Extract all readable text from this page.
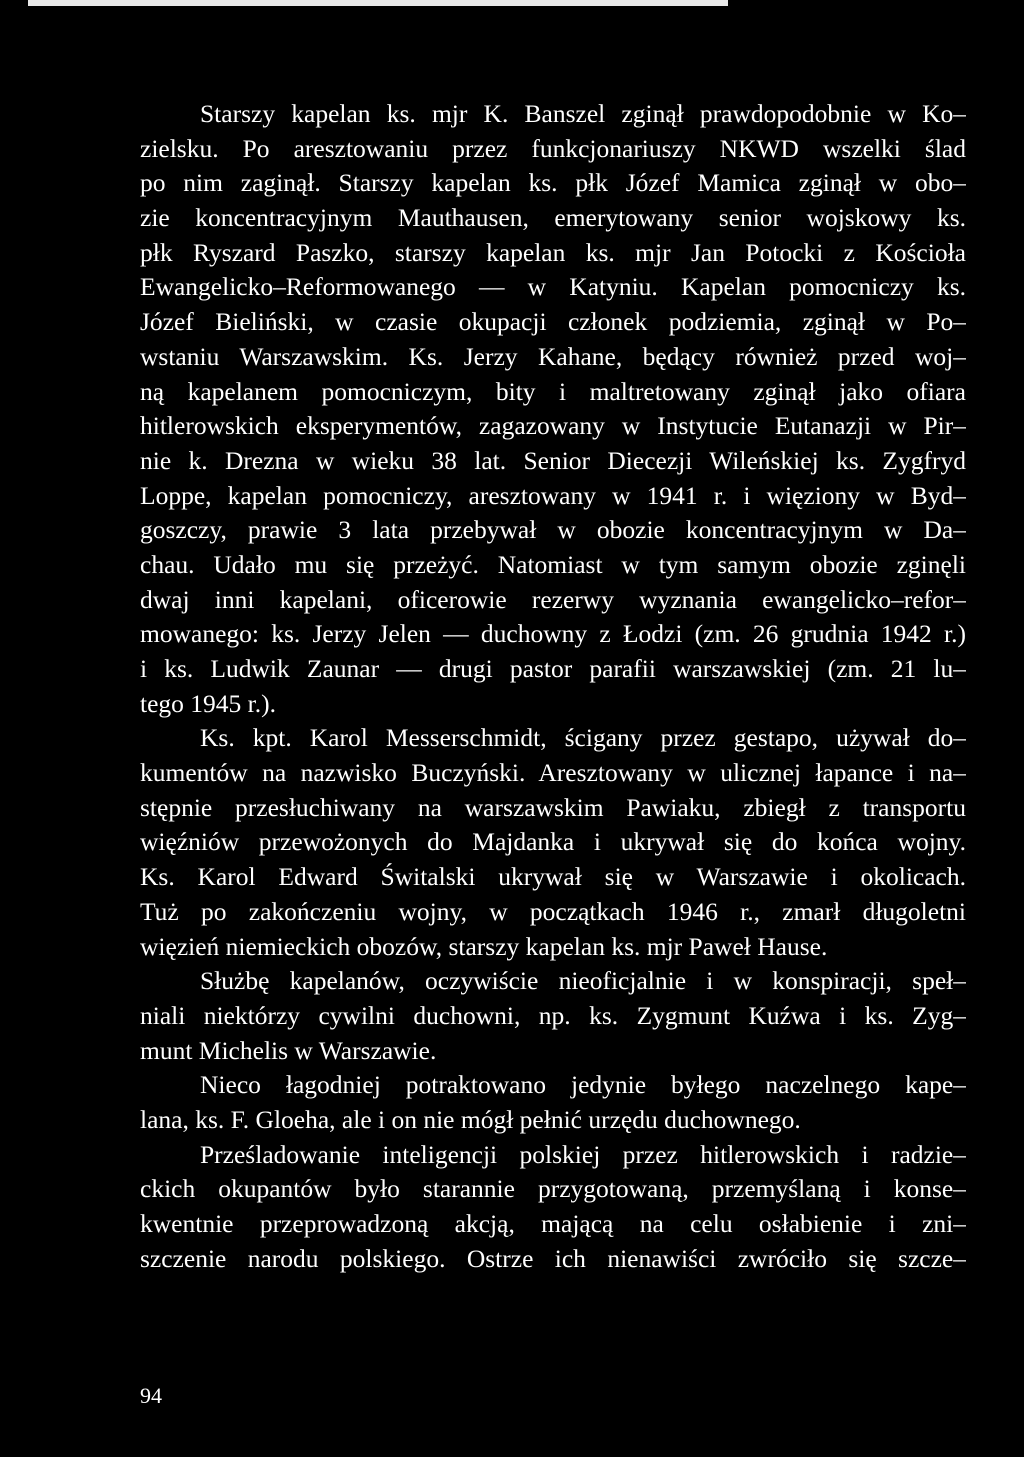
Starszy kapelan ks. mjr K. Banszel zginął prawdopodobnie w Ko–
zielsku. Po aresztowaniu przez funkcjonariuszy NKWD wszelki ślad
po nim zaginął. Starszy kapelan ks. płk Józef Mamica zginął w obo–
zie koncentracyjnym Mauthausen, emerytowany senior wojskowy ks.
płk Ryszard Paszko, starszy kapelan ks. mjr Jan Potocki z Kościoła
Ewangelicko–Reformowanego — w Katyniu. Kapelan pomocniczy ks.
Józef Bieliński, w czasie okupacji członek podziemia, zginął w Po–
wstaniu Warszawskim. Ks. Jerzy Kahane, będący również przed woj–
ną kapelanem pomocniczym, bity i maltretowany zginął jako ofiara
hitlerowskich eksperymentów, zagazowany w Instytucie Eutanazji w Pir–
nie k. Drezna w wieku 38 lat. Senior Diecezji Wileńskiej ks. Zygfryd
Loppe, kapelan pomocniczy, aresztowany w 1941 r. i więziony w Byd–
goszczy, prawie 3 lata przebywał w obozie koncentracyjnym w Da–
chau. Udało mu się przeżyć. Natomiast w tym samym obozie zginęli
dwaj inni kapelani, oficerowie rezerwy wyznania ewangelicko–refor–
mowanego: ks. Jerzy Jelen — duchowny z Łodzi (zm. 26 grudnia 1942 r.)
i ks. Ludwik Zaunar — drugi pastor parafii warszawskiej (zm. 21 lu–
tego 1945 r.).
Ks. kpt. Karol Messerschmidt, ścigany przez gestapo, używał do–
kumentów na nazwisko Buczyński. Aresztowany w ulicznej łapance i na–
stępnie przesłuchiwany na warszawskim Pawiaku, zbiegł z transportu
więźniów przewożonych do Majdanka i ukrywał się do końca wojny.
Ks. Karol Edward Świtalski ukrywał się w Warszawie i okolicach.
Tuż po zakończeniu wojny, w początkach 1946 r., zmarł długoletni
więzień niemieckich obozów, starszy kapelan ks. mjr Paweł Hause.
Służbę kapelanów, oczywiście nieoficjalnie i w konspiracji, speł–
niali niektórzy cywilni duchowni, np. ks. Zygmunt Kuźwa i ks. Zyg–
munt Michelis w Warszawie.
Nieco łagodniej potraktowano jedynie byłego naczelnego kape–
lana, ks. F. Gloeha, ale i on nie mógł pełnić urzędu duchownego.
Prześladowanie inteligencji polskiej przez hitlerowskich i radzie–
ckich okupantów było starannie przygotowaną, przemyślaną i konse–
kwentnie przeprowadzoną akcją, mającą na celu osłabienie i zni–
szczenie narodu polskiego. Ostrze ich nienawiści zwróciło się szcze–
94
